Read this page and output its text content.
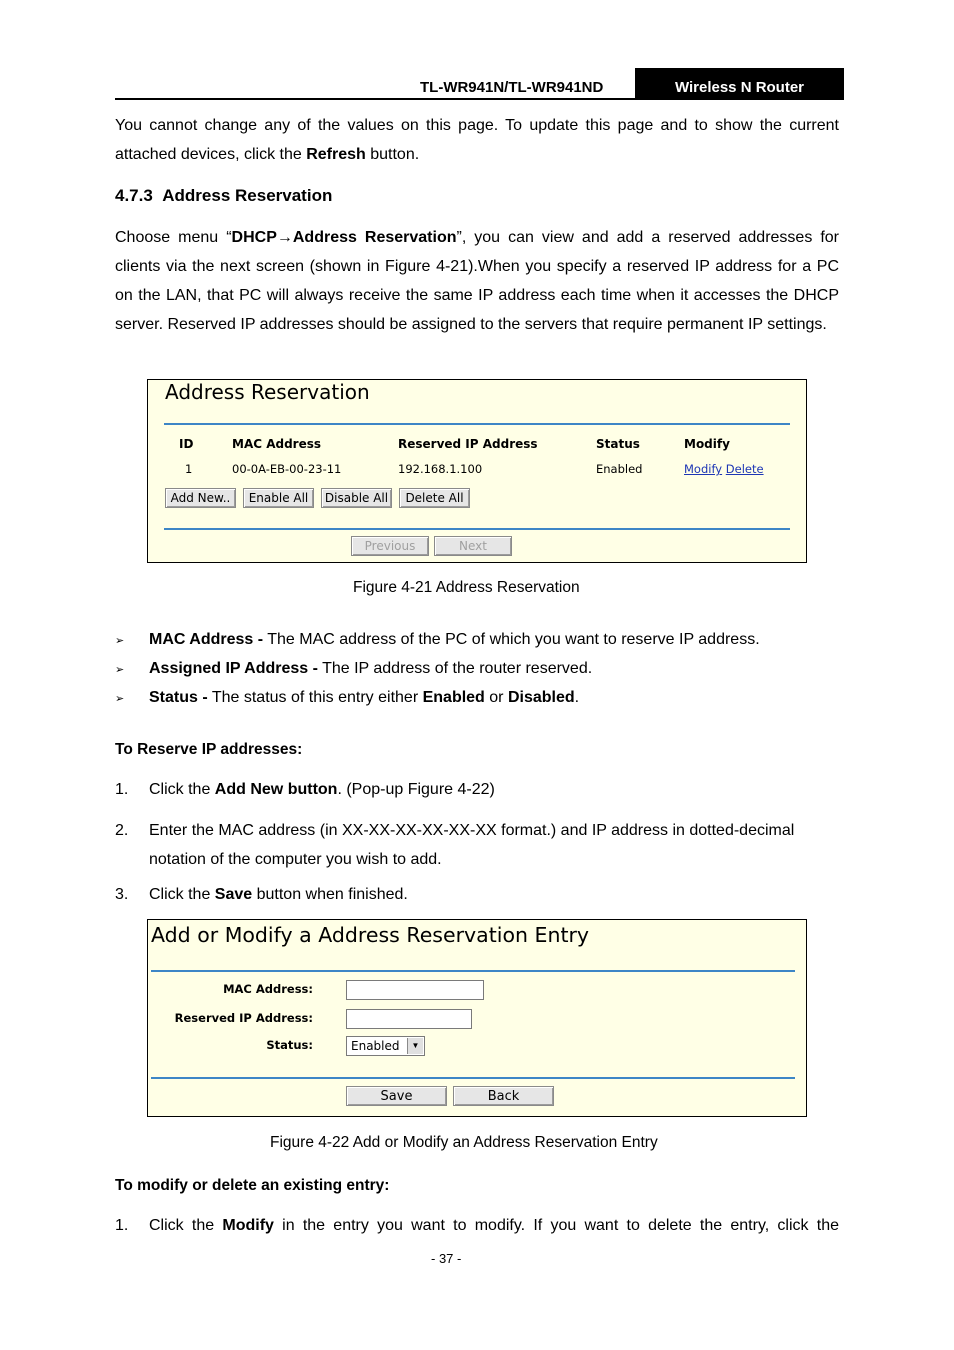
TL-WR941N/TL-WR941ND	Wireless N Router
You cannot change any of the values on this page. To update this page and to show the current attached devices, click the Refresh button.
4.7.3 Address Reservation
Choose menu “DHCP→Address Reservation”, you can view and add a reserved addresses for clients via the next screen (shown in Figure 4-21).When you specify a reserved IP address for a PC on the LAN, that PC will always receive the same IP address each time when it accesses the DHCP server. Reserved IP addresses should be assigned to the servers that require permanent IP settings.
Address Reservation
ID	MAC Address	Reserved IP Address	Status	Modify
1	00-0A-EB-00-23-11	192.168.1.100	Enabled	Modify Delete
Add New..	Enable All	Disable All	Delete All
Previous	Next
Figure 4-21 Address Reservation
➢ MAC Address - The MAC address of the PC of which you want to reserve IP address.
➢ Assigned IP Address - The IP address of the router reserved.
➢ Status - The status of this entry either Enabled or Disabled.
To Reserve IP addresses:
1. Click the Add New button. (Pop-up Figure 4-22)
2. Enter the MAC address (in XX-XX-XX-XX-XX-XX format.) and IP address in dotted-decimal notation of the computer you wish to add.
3. Click the Save button when finished.
Add or Modify a Address Reservation Entry
MAC Address:
Reserved IP Address:
Status:	Enabled	▼
Save	Back
Figure 4-22 Add or Modify an Address Reservation Entry
To modify or delete an existing entry:
1. Click the Modify in the entry you want to modify. If you want to delete the entry, click the
- 37 -
